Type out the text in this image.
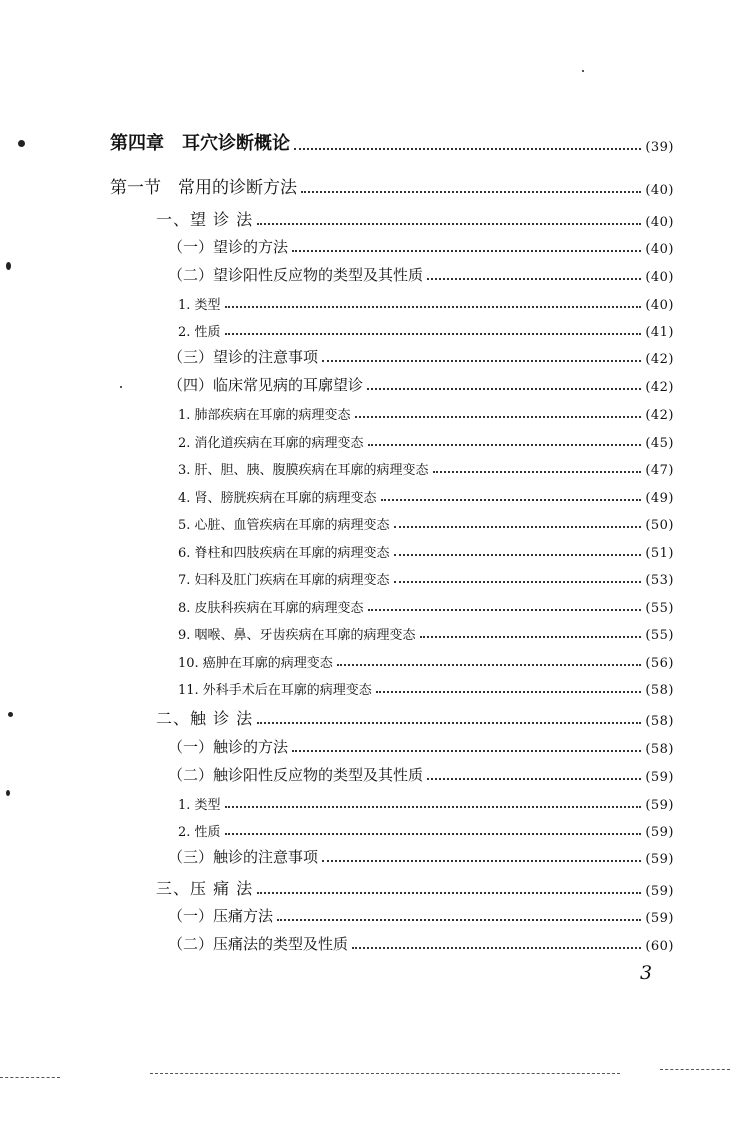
第四章　耳穴诊断概论	(39)
第一节　常用的诊断方法	(40)
一、望 诊 法	(40)
（一）望诊的方法	(40)
（二）望诊阳性反应物的类型及其性质	(40)
1. 类型	(40)
2. 性质	(41)
（三）望诊的注意事项	(42)
（四）临床常见病的耳廓望诊	(42)
1. 肺部疾病在耳廓的病理变态	(42)
2. 消化道疾病在耳廓的病理变态	(45)
3. 肝、胆、胰、腹膜疾病在耳廓的病理变态	(47)
4. 肾、膀胱疾病在耳廓的病理变态	(49)
5. 心脏、血管疾病在耳廓的病理变态	(50)
6. 脊柱和四肢疾病在耳廓的病理变态	(51)
7. 妇科及肛门疾病在耳廓的病理变态	(53)
8. 皮肤科疾病在耳廓的病理变态	(55)
9. 咽喉、鼻、牙齿疾病在耳廓的病理变态	(55)
10. 癌肿在耳廓的病理变态	(56)
11. 外科手术后在耳廓的病理变态	(58)
二、触 诊 法	(58)
（一）触诊的方法	(58)
（二）触诊阳性反应物的类型及其性质	(59)
1. 类型	(59)
2. 性质	(59)
（三）触诊的注意事项	(59)
三、压 痛 法	(59)
（一）压痛方法	(59)
（二）压痛法的类型及性质	(60)
3
